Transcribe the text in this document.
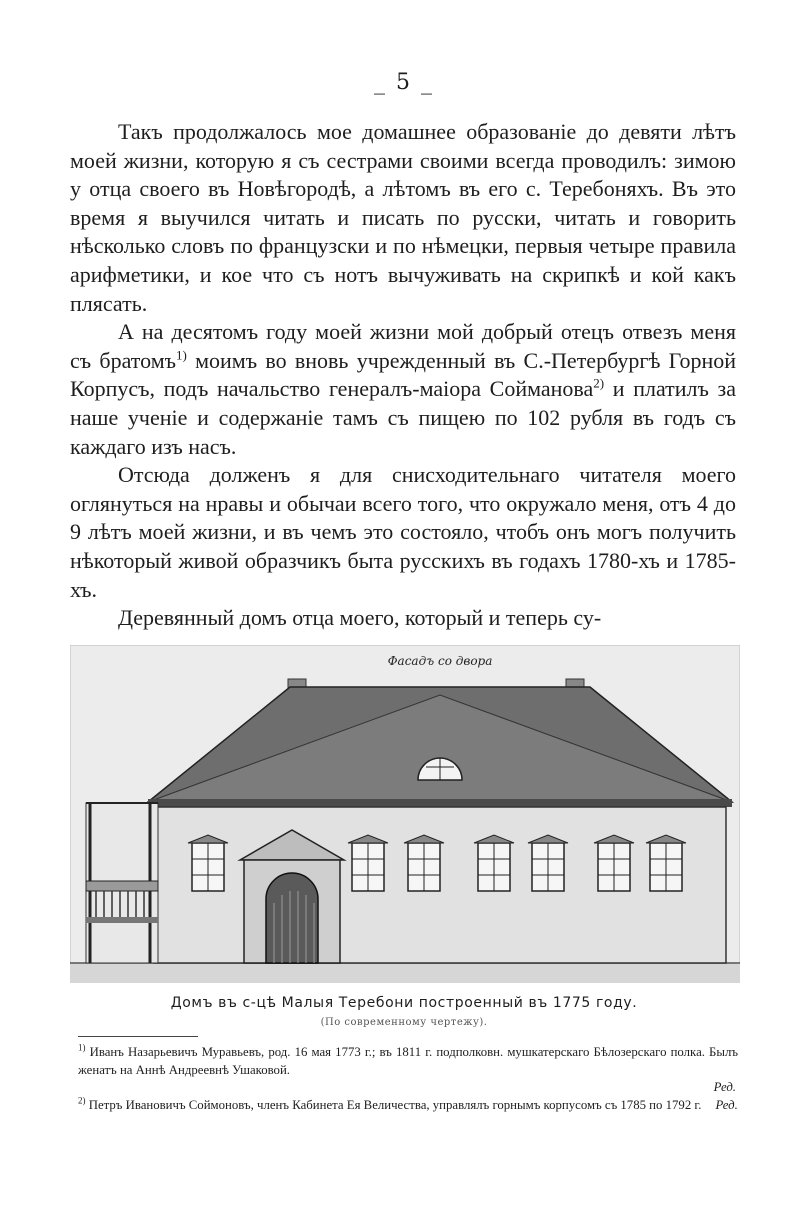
_ 5 _

Такъ продолжалось мое домашнее образованiе до девяти лѣтъ моей жизни, которую я съ сестрами своими всегда проводилъ: зимою у отца своего въ Новѣгородѣ, а лѣтомъ въ его с. Теребоняхъ. Въ это время я выучился читать и писать по русски, читать и говорить нѣсколько словъ по французски и по нѣмецки, первыя четыре правила арифметики, и кое что съ нотъ вычуживать на скрипкѣ и кой какъ плясать.

А на десятомъ году моей жизни мой добрый отецъ отвезъ меня съ братомъ$^{1)}$ моимъ во вновь учрежденный въ С.-Петербургѣ Горной Корпусъ, подъ начальство генералъ-маiора Сойманова$^{2)}$ и платилъ за наше ученiе и содержанiе тамъ съ пищею по 102 рубля въ годъ съ каждаго изъ насъ.

Отсюда долженъ я для снисходительнаго читателя моего оглянуться на нравы и обычаи всего того, что окружало меня, отъ 4 до 9 лѣтъ моей жизни, и въ чемъ это состояло, чтобъ онъ могъ получить нѣкоторый живой образчикъ быта русскихъ въ годахъ 1780-хъ и 1785-хъ.

Деревянный домъ отца моего, который и теперь су-

Фасадъ со двора
Домъ въ с-цѣ Малыя Теребони построенный въ 1775 году.
(По современному чертежу).

$^{1)}$ Иванъ Назарьевичъ Муравьевъ, род. 16 мая 1773 г.; въ 1811 г. подполковн. мушкатерскаго Бѣлозерскаго полка. Былъ женатъ на Аннѣ Андреевнѣ Ушаковой.
Ред.

$^{2)}$ Петръ Ивановичъ Соймоновъ, членъ Кабинета Ея Величества, управлялъ горнымъ корпусомъ съ 1785 по 1792 г. Ред.
